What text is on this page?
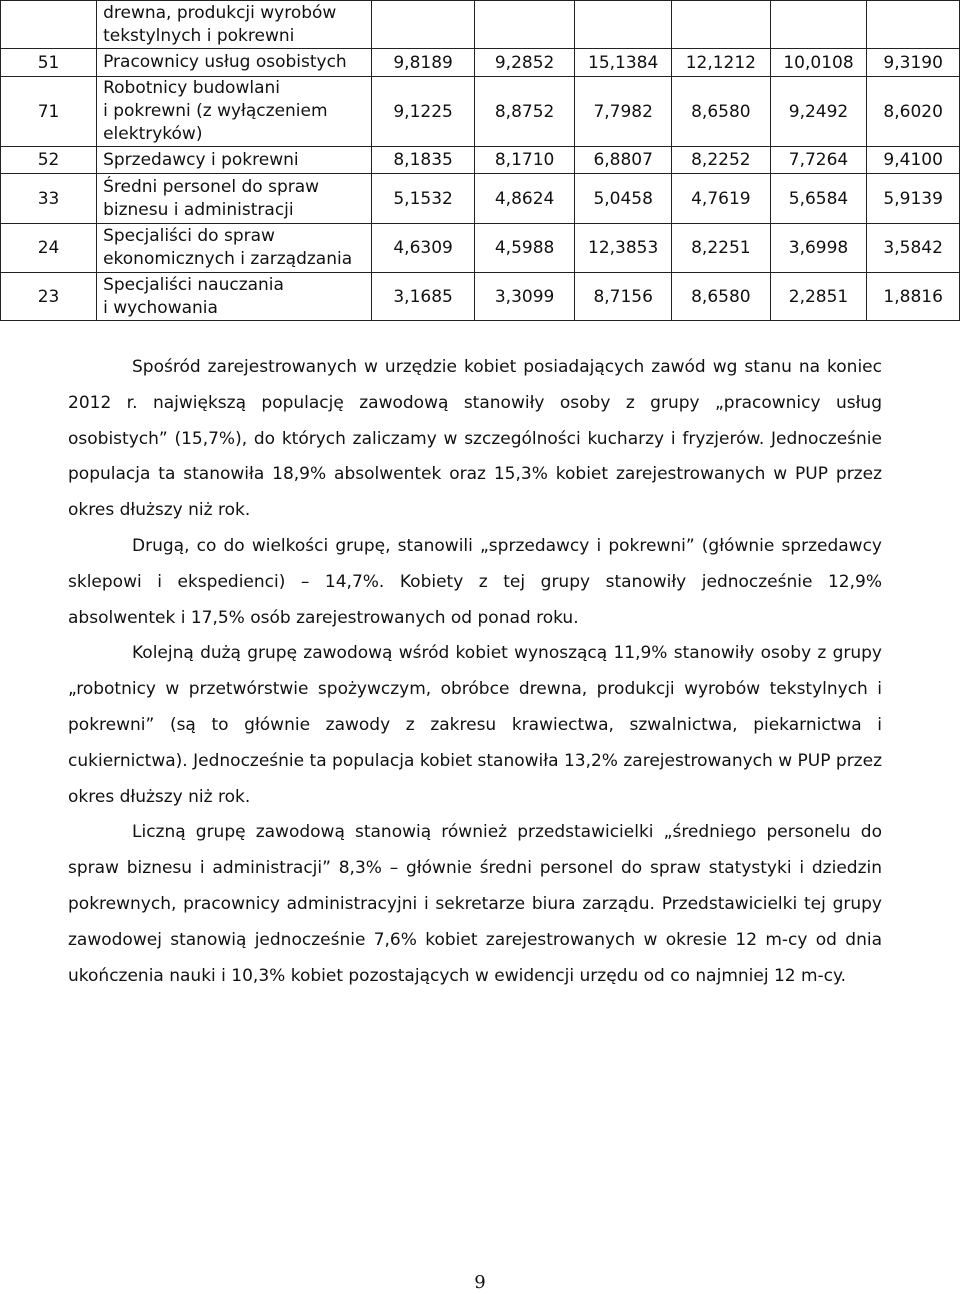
	drewna, produkcji wyrobów
tekstylnych i pokrewni						

51	Pracownicy usług osobistych	9,8189	9,2852	15,1384	12,1212	10,0108	9,3190
71	Robotnicy budowlani
i pokrewni (z wyłączeniem
elektryków)	9,1225	8,8752	7,7982	8,6580	9,2492	8,6020
52	Sprzedawcy i pokrewni	8,1835	8,1710	6,8807	8,2252	7,7264	9,4100
33	Średni personel do spraw
biznesu i administracji	5,1532	4,8624	5,0458	4,7619	5,6584	5,9139
24	Specjaliści do spraw
ekonomicznych i zarządzania	4,6309	4,5988	12,3853	8,2251	3,6998	3,5842
23	Specjaliści nauczania
i wychowania	3,1685	3,3099	8,7156	8,6580	2,2851	1,8816

Spośród zarejestrowanych w urzędzie kobiet posiadających zawód wg stanu na koniec 2012 r. największą populację zawodową stanowiły osoby z grupy „pracownicy usług osobistych” (15,7%), do których zaliczamy w szczególności kucharzy i fryzjerów. Jednocześnie populacja ta stanowiła 18,9% absolwentek oraz 15,3% kobiet zarejestrowanych w PUP przez okres dłuższy niż rok.

Drugą, co do wielkości grupę, stanowili „sprzedawcy i pokrewni” (głównie sprzedawcy sklepowi i ekspedienci) – 14,7%. Kobiety z tej grupy stanowiły jednocześnie 12,9% absolwentek i 17,5% osób zarejestrowanych od ponad roku.

Kolejną dużą grupę zawodową wśród kobiet wynoszącą 11,9% stanowiły osoby z grupy „robotnicy w przetwórstwie spożywczym, obróbce drewna, produkcji wyrobów tekstylnych i pokrewni” (są to głównie zawody z zakresu krawiectwa, szwalnictwa, piekarnictwa i cukiernictwa). Jednocześnie ta populacja kobiet stanowiła 13,2% zarejestrowanych w PUP przez okres dłuższy niż rok.

Liczną grupę zawodową stanowią również przedstawicielki „średniego personelu do spraw biznesu i administracji” 8,3% – głównie średni personel do spraw statystyki i dziedzin pokrewnych, pracownicy administracyjni i sekretarze biura zarządu. Przedstawicielki tej grupy zawodowej stanowią jednocześnie 7,6% kobiet zarejestrowanych w okresie 12 m-cy od dnia ukończenia nauki i 10,3% kobiet pozostających w ewidencji urzędu od co najmniej 12 m-cy.

9
